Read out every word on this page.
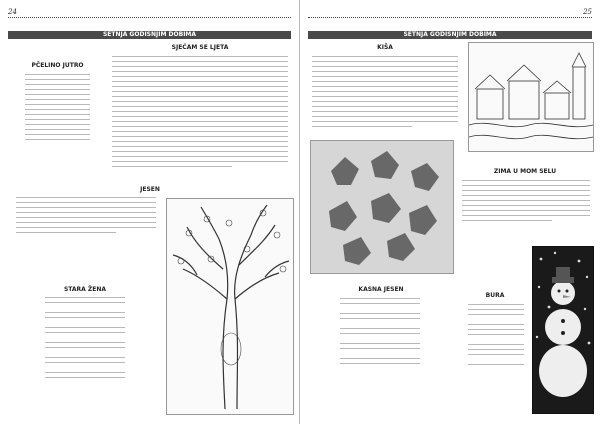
24
ŠETNJA GODIŠNJIM DOBIMA
SJEĆAM SE LJETA
PČELINO JUTRO
JESEN
STARA ŽENA
25
ŠETNJA GODIŠNJIM DOBIMA
KIŠA
ZIMA U MOM SELU
KASNA JESEN
BURA
